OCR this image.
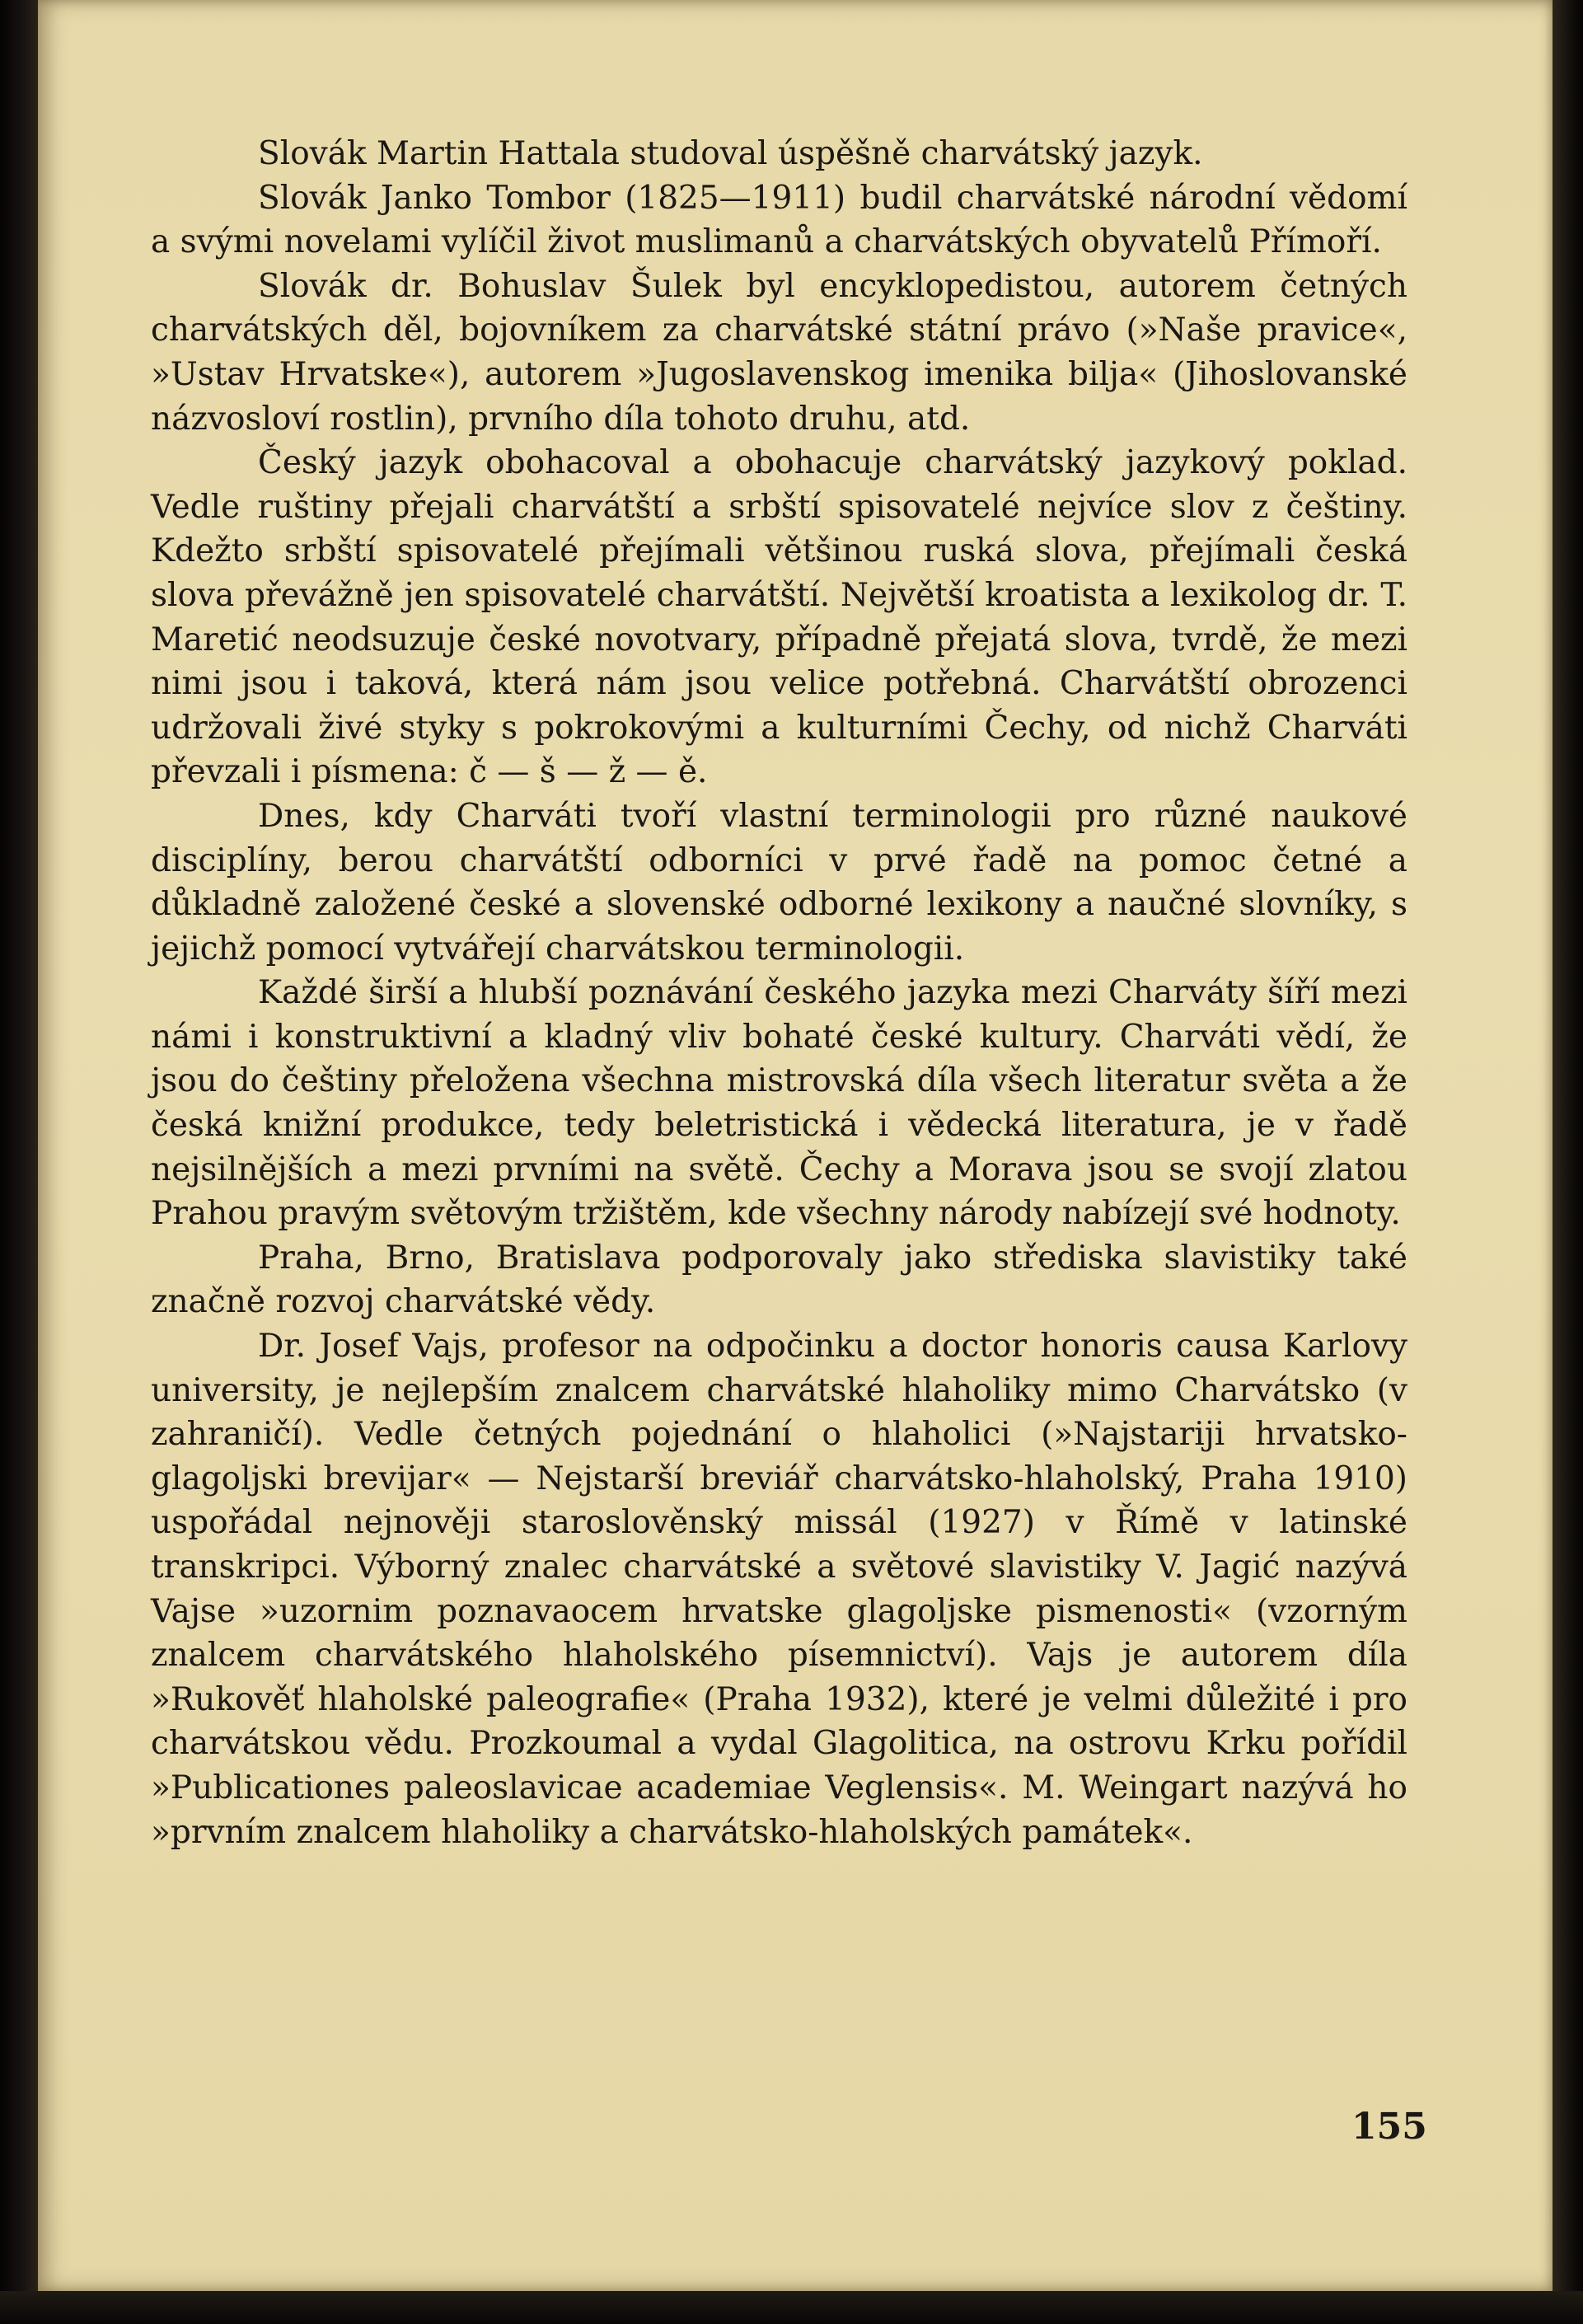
Slovák Martin Hattala studoval úspěšně charvátský jazyk.

Slovák Janko Tombor (1825—1911) budil charvátské národní vědomí a svými novelami vylíčil život muslimanů a charvátských obyvatelů Přímoří.

Slovák dr. Bohuslav Šulek byl encyklopedistou, autorem četných charvátských děl, bojovníkem za charvátské státní právo (»Naše pravice«, »Ustav Hrvatske«), autorem »Jugoslavenskog imenika bilja« (Jihoslovanské názvosloví rostlin), prvního díla tohoto druhu, atd.

Český jazyk obohacoval a obohacuje charvátský jazykový poklad. Vedle ruštiny přejali charvátští a srbští spisovatelé nejvíce slov z češtiny. Kdežto srbští spisovatelé přejímali většinou ruská slova, přejímali česká slova převážně jen spisovatelé charvátští. Největší kroatista a lexikolog dr. T. Maretić neodsuzuje české novotvary, případně přejatá slova, tvrdě, že mezi nimi jsou i taková, která nám jsou velice potřebná. Charvátští obrozenci udržovali živé styky s pokrokovými a kulturními Čechy, od nichž Charváti převzali i písmena: č — š — ž — ě.

Dnes, kdy Charváti tvoří vlastní terminologii pro různé naukové disciplíny, berou charvátští odborníci v prvé řadě na pomoc četné a důkladně založené české a slovenské odborné lexikony a naučné slovníky, s jejichž pomocí vytvářejí charvátskou terminologii.

Každé širší a hlubší poznávání českého jazyka mezi Charváty šíří mezi námi i konstruktivní a kladný vliv bohaté české kultury. Charváti vědí, že jsou do češtiny přeložena všechna mistrovská díla všech literatur světa a že česká knižní produkce, tedy beletristická i vědecká literatura, je v řadě nejsilnějších a mezi prvními na světě. Čechy a Morava jsou se svojí zlatou Prahou pravým světovým tržištěm, kde všechny národy nabízejí své hodnoty.

Praha, Brno, Bratislava podporovaly jako střediska slavistiky také značně rozvoj charvátské vědy.

Dr. Josef Vajs, profesor na odpočinku a doctor honoris causa Karlovy university, je nejlepším znalcem charvátské hlaholiky mimo Charvátsko (v zahraničí). Vedle četných pojednání o hlaholici (»Najstariji hrvatsko-glagoljski brevijar« — Nejstarší breviář charvátsko-hlaholský, Praha 1910) uspořádal nejnověji staroslověnský missál (1927) v Římě v latinské transkripci. Výborný znalec charvátské a světové slavistiky V. Jagić nazývá Vajse »uzornim poznavaocem hrvatske glagoljske pismenosti« (vzorným znalcem charvátského hlaholského písemnictví). Vajs je autorem díla »Rukověť hlaholské paleografie« (Praha 1932), které je velmi důležité i pro charvátskou vědu. Prozkoumal a vydal Glagolitica, na ostrovu Krku pořídil »Publicationes paleoslavicae academiae Veglensis«. M. Weingart nazývá ho »prvním znalcem hlaholiky a charvátsko-hlaholských památek«.

155
